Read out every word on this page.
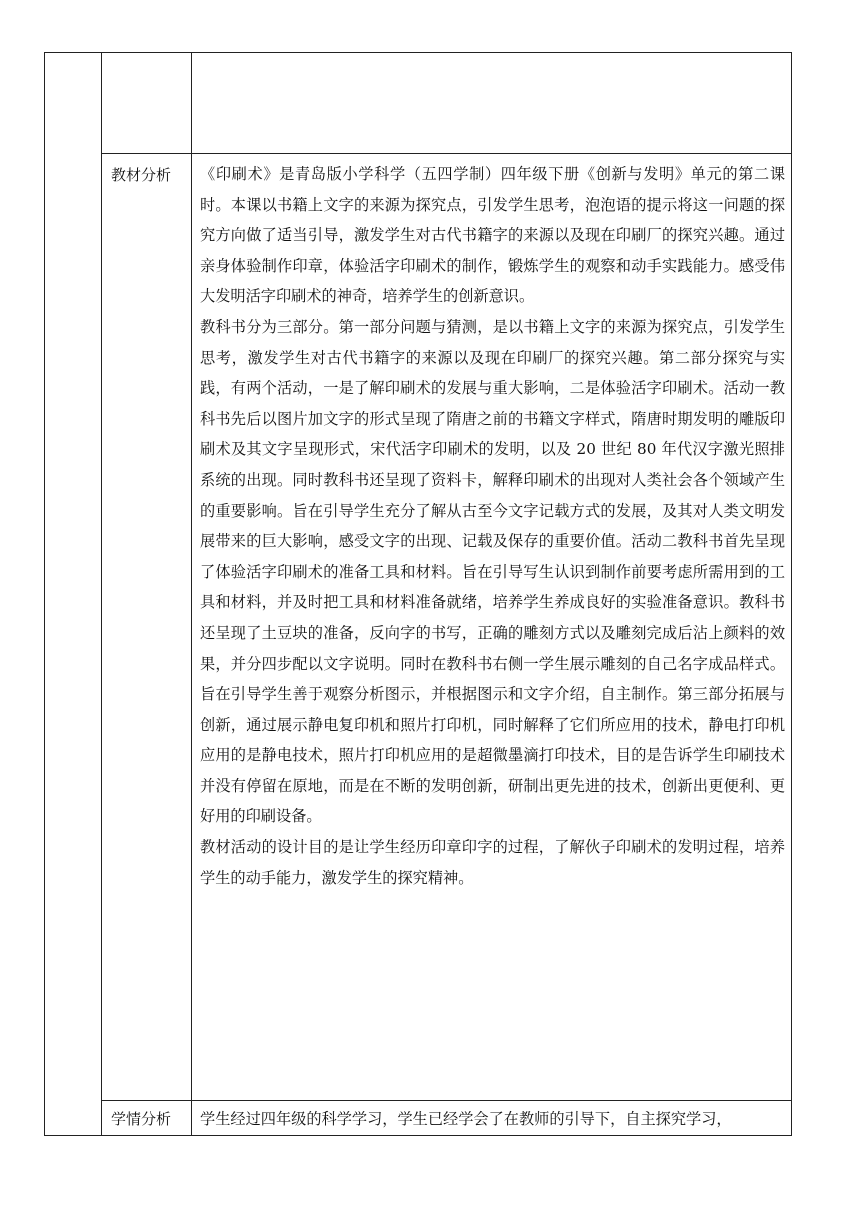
	教材分析	《印刷术》是青岛版小学科学（五四学制）四年级下册《创新与发明》单元的第二课时。本课以书籍上文字的来源为探究点，引发学生思考，泡泡语的提示将这一问题的探究方向做了适当引导，激发学生对古代书籍字的来源以及现在印刷厂的探究兴趣。通过亲身体验制作印章，体验活字印刷术的制作，锻炼学生的观察和动手实践能力。感受伟大发明活字印刷术的神奇，培养学生的创新意识。

教科书分为三部分。第一部分问题与猜测，是以书籍上文字的来源为探究点，引发学生思考，激发学生对古代书籍字的来源以及现在印刷厂的探究兴趣。第二部分探究与实践，有两个活动，一是了解印刷术的发展与重大影响，二是体验活字印刷术。活动一教科书先后以图片加文字的形式呈现了隋唐之前的书籍文字样式，隋唐时期发明的雕版印刷术及其文字呈现形式，宋代活字印刷术的发明，以及 20 世纪 80 年代汉字激光照排系统的出现。同时教科书还呈现了资料卡，解释印刷术的出现对人类社会各个领域产生的重要影响。旨在引导学生充分了解从古至今文字记载方式的发展，及其对人类文明发展带来的巨大影响，感受文字的出现、记载及保存的重要价值。活动二教科书首先呈现了体验活字印刷术的准备工具和材料。旨在引导写生认识到制作前要考虑所需用到的工具和材料，并及时把工具和材料准备就绪，培养学生养成良好的实验准备意识。教科书还呈现了土豆块的准备，反向字的书写，正确的雕刻方式以及雕刻完成后沾上颜料的效果，并分四步配以文字说明。同时在教科书右侧一学生展示雕刻的自己名字成品样式。旨在引导学生善于观察分析图示，并根据图示和文字介绍，自主制作。第三部分拓展与创新，通过展示静电复印机和照片打印机，同时解释了它们所应用的技术，静电打印机应用的是静电技术，照片打印机应用的是超微墨滴打印技术，目的是告诉学生印刷技术并没有停留在原地，而是在不断的发明创新，研制出更先进的技术，创新出更便利、更好用的印刷设备。

教材活动的设计目的是让学生经历印章印字的过程，了解伙子印刷术的发明过程，培养学生的动手能力，激发学生的探究精神。

	学情分析	学生经过四年级的科学学习，学生已经学会了在教师的引导下，自主探究学习，
